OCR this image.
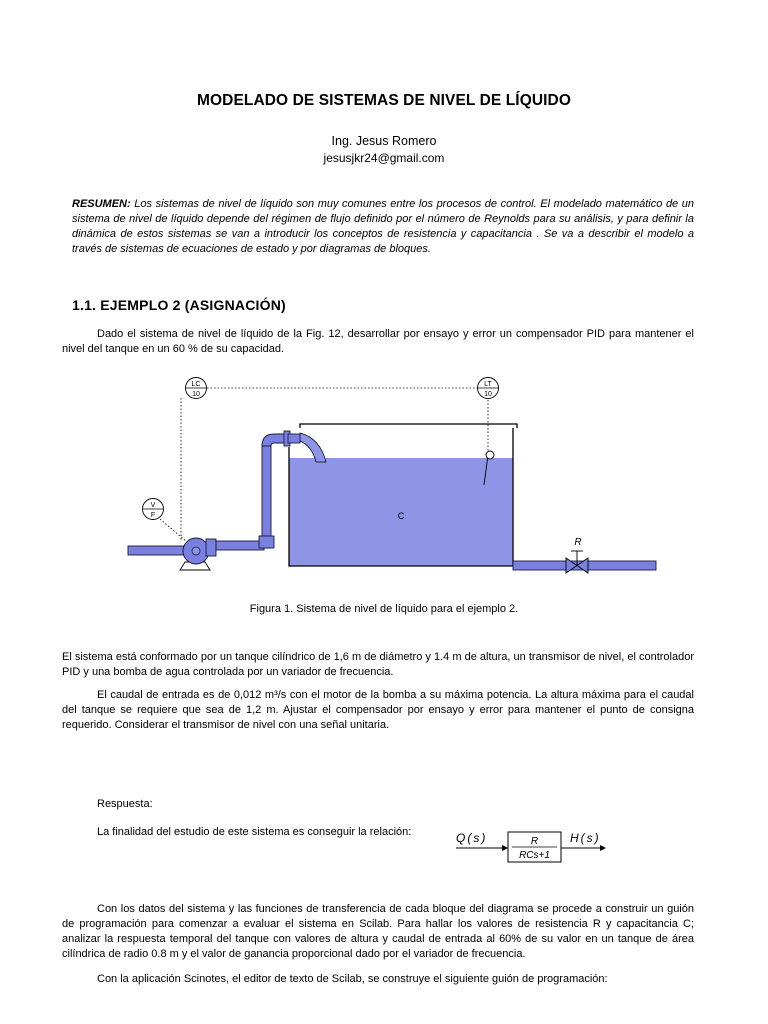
MODELADO DE SISTEMAS DE NIVEL DE LÍQUIDO
Ing. Jesus Romero
jesusjkr24@gmail.com
RESUMEN: Los sistemas de nivel de líquido son muy comunes entre los procesos de control. El modelado matemático de un sistema de nivel de líquido depende del régimen de flujo definido por el número de Reynolds para su análisis, y para definir la dinámica de estos sistemas se van a introducir los conceptos de resistencia y capacitancia . Se va a describir el modelo a través de sistemas de ecuaciones de estado y por diagramas de bloques.
1.1. EJEMPLO 2 (ASIGNACIÓN)
Dado el sistema de nivel de líquido de la Fig. 12, desarrollar por ensayo y error un compensador PID para mantener el nivel del tanque en un 60 % de su capacidad.
LC
10
LT
10
V
F
R
C
Figura 1. Sistema de nivel de líquido para el ejemplo 2.
El sistema está conformado por un tanque cilíndrico de 1,6 m de diámetro y 1.4 m de altura, un transmisor de nivel, el controlador PID y una bomba de agua controlada por un variador de frecuencia.
El caudal de entrada es de 0,012 m³/s con el motor de la bomba a su máxima potencia. La altura máxima para el caudal del tanque se requiere que sea de 1,2 m. Ajustar el compensador por ensayo y error para mantener el punto de consigna requerido. Considerar el transmisor de nivel con una señal unitaria.
Respuesta:
La finalidad del estudio de este sistema es conseguir la relación:	Q(s)	R
RCs+1
H(s)
Con los datos del sistema y las funciones de transferencia de cada bloque del diagrama se procede a construir un guión de programación para comenzar a evaluar el sistema en Scilab. Para hallar los valores de resistencia R y capacitancia C; analizar la respuesta temporal del tanque con valores de altura y caudal de entrada al 60% de su valor en un tanque de área cilíndrica de radio 0.8 m y el valor de ganancia proporcional dado por el variador de frecuencia.
Con la aplicación Scinotes, el editor de texto de Scilab, se construye el siguiente guión de programación:
